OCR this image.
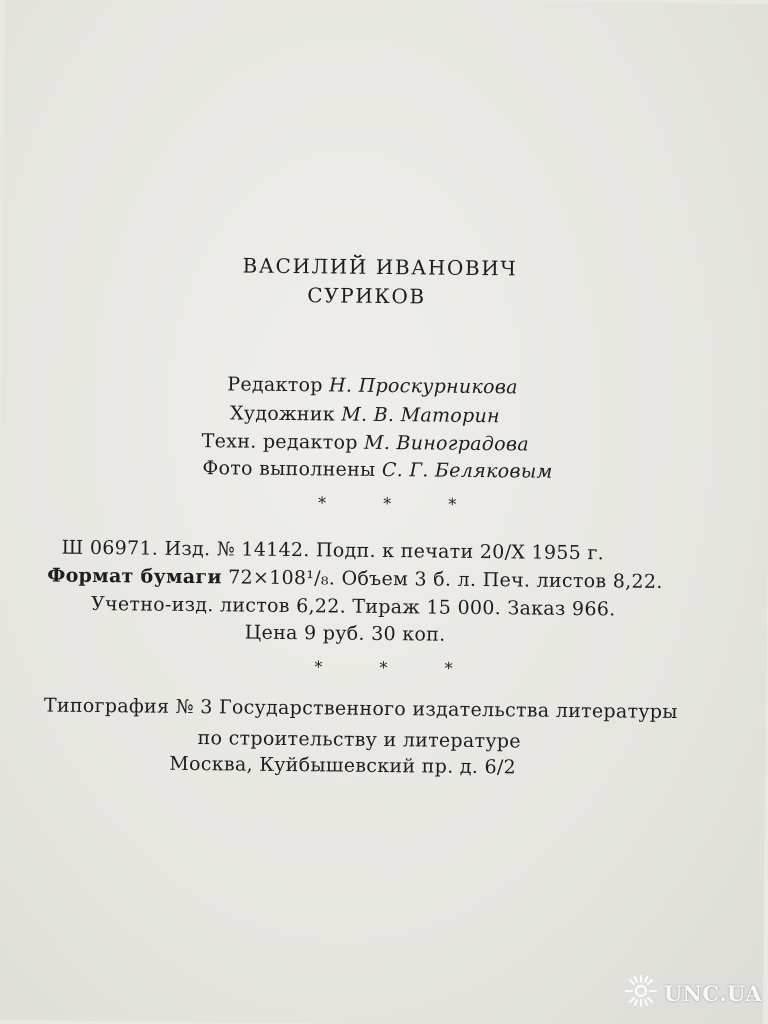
ВАСИЛИЙ ИВАНОВИЧ
СУРИКОВ
Редактор Н. Проскурникова
Художник М. В. Маторин
Техн. редактор М. Виноградова
Фото выполнены С. Г. Беляковым
* * *
Ш 06971. Изд. № 14142. Подп. к печати 20/X 1955 г.
Формат бумаги 72×108¹/₈. Объем 3 б. л. Печ. листов 8,22.
Учетно-изд. листов 6,22. Тираж 15 000. Заказ 966.
Цена 9 руб. 30 коп.
* * *
Типография № 3 Государственного издательства литературы
по строительству и литературе
Москва, Куйбышевский пр. д. 6/2
UNC.UA
